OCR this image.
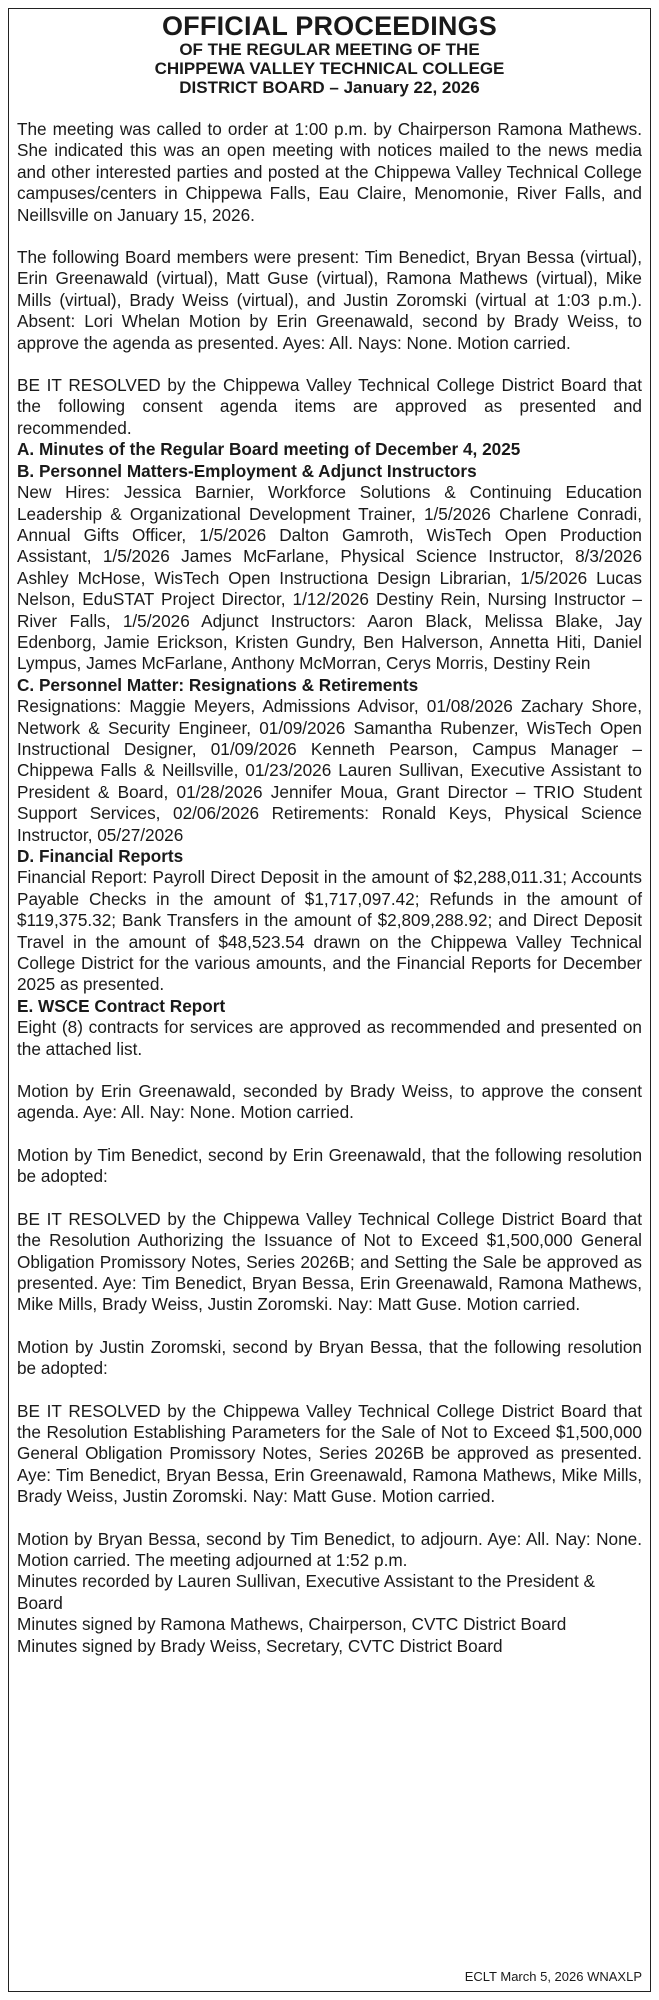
OFFICIAL PROCEEDINGS
OF THE REGULAR MEETING OF THE
CHIPPEWA VALLEY TECHNICAL COLLEGE
DISTRICT BOARD – January 22, 2026

The meeting was called to order at 1:00 p.m. by Chairperson Ramona Mathews. She indicated this was an open meeting with notices mailed to the news media and other interested parties and posted at the Chippewa Valley Technical College campuses/centers in Chippewa Falls, Eau Claire, Menomonie, River Falls, and Neillsville on January 15, 2026.

The following Board members were present: Tim Benedict, Bryan Bessa (virtual), Erin Greenawald (virtual), Matt Guse (virtual), Ramona Mathews (virtual), Mike Mills (virtual), Brady Weiss (virtual), and Justin Zoromski (virtual at 1:03 p.m.). Absent: Lori Whelan Motion by Erin Greenawald, second by Brady Weiss, to approve the agenda as presented. Ayes: All. Nays: None. Motion carried.

BE IT RESOLVED by the Chippewa Valley Technical College District Board that the following consent agenda items are approved as presented and recommended.

A. Minutes of the Regular Board meeting of December 4, 2025

B. Personnel Matters-Employment & Adjunct Instructors

New Hires: Jessica Barnier, Workforce Solutions & Continuing Education Leadership & Organizational Development Trainer, 1/5/2026 Charlene Conradi, Annual Gifts Officer, 1/5/2026 Dalton Gamroth, WisTech Open Production Assistant, 1/5/2026 James McFarlane, Physical Science Instructor, 8/3/2026 Ashley McHose, WisTech Open Instructiona Design Librarian, 1/5/2026 Lucas Nelson, EduSTAT Project Director, 1/12/2026 Destiny Rein, Nursing Instructor – River Falls, 1/5/2026 Adjunct Instructors: Aaron Black, Melissa Blake, Jay Edenborg, Jamie Erickson, Kristen Gundry, Ben Halverson, Annetta Hiti, Daniel Lympus, James McFarlane, Anthony McMorran, Cerys Morris, Destiny Rein

C. Personnel Matter: Resignations & Retirements

Resignations: Maggie Meyers, Admissions Advisor, 01/08/2026 Zachary Shore, Network & Security Engineer, 01/09/2026 Samantha Rubenzer, WisTech Open Instructional Designer, 01/09/2026 Kenneth Pearson, Campus Manager – Chippewa Falls & Neillsville, 01/23/2026 Lauren Sullivan, Executive Assistant to President & Board, 01/28/2026 Jennifer Moua, Grant Director – TRIO Student Support Services, 02/06/2026 Retirements: Ronald Keys, Physical Science Instructor, 05/27/2026

D. Financial Reports

Financial Report: Payroll Direct Deposit in the amount of $2,288,011.31; Accounts Payable Checks in the amount of $1,717,097.42; Refunds in the amount of $119,375.32; Bank Transfers in the amount of $2,809,288.92; and Direct Deposit Travel in the amount of $48,523.54 drawn on the Chippewa Valley Technical College District for the various amounts, and the Financial Reports for December 2025 as presented.

E. WSCE Contract Report

Eight (8) contracts for services are approved as recommended and presented on the attached list.

Motion by Erin Greenawald, seconded by Brady Weiss, to approve the consent agenda. Aye: All. Nay: None. Motion carried.

Motion by Tim Benedict, second by Erin Greenawald, that the following resolution be adopted:

BE IT RESOLVED by the Chippewa Valley Technical College District Board that the Resolution Authorizing the Issuance of Not to Exceed $1,500,000 General Obligation Promissory Notes, Series 2026B; and Setting the Sale be approved as presented. Aye: Tim Benedict, Bryan Bessa, Erin Greenawald, Ramona Mathews, Mike Mills, Brady Weiss, Justin Zoromski. Nay: Matt Guse. Motion carried.

Motion by Justin Zoromski, second by Bryan Bessa, that the following resolution be adopted:

BE IT RESOLVED by the Chippewa Valley Technical College District Board that the Resolution Establishing Parameters for the Sale of Not to Exceed $1,500,000 General Obligation Promissory Notes, Series 2026B be approved as presented. Aye: Tim Benedict, Bryan Bessa, Erin Greenawald, Ramona Mathews, Mike Mills, Brady Weiss, Justin Zoromski. Nay: Matt Guse. Motion carried.

Motion by Bryan Bessa, second by Tim Benedict, to adjourn. Aye: All. Nay: None. Motion carried. The meeting adjourned at 1:52 p.m.

Minutes recorded by Lauren Sullivan, Executive Assistant to the President & Board

Minutes signed by Ramona Mathews, Chairperson, CVTC District Board

Minutes signed by Brady Weiss, Secretary, CVTC District Board

ECLT March 5, 2026 WNAXLP
